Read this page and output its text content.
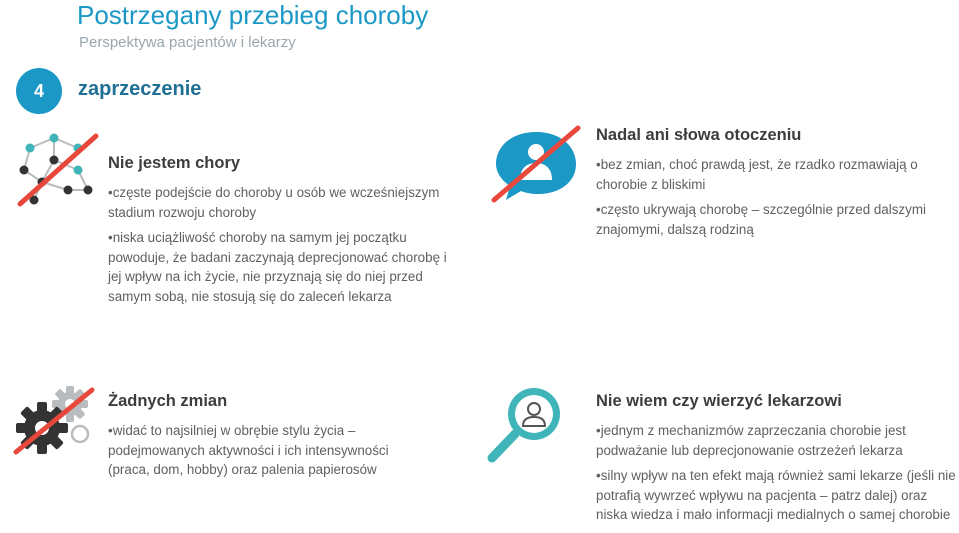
Postrzegany przebieg choroby
Perspektywa pacjentów i lekarzy
4	zaprzeczenie
Nie jestem chory
• częste podejście do choroby u osób we wcześniejszym stadium rozwoju choroby
• niska uciążliwość choroby na samym jej początku powoduje, że badani zaczynają deprecjonować chorobę i jej wpływ na ich życie, nie przyznają się do niej przed samym sobą, nie stosują się do zaleceń lekarza
Nadal ani słowa otoczeniu
• bez zmian, choć prawdą jest, że rzadko rozmawiają o chorobie z bliskimi
• często ukrywają chorobę – szczególnie przed dalszymi znajomymi, dalszą rodziną
Żadnych zmian
• widać to najsilniej w obrębie stylu życia – podejmowanych aktywności i ich intensywności (praca, dom, hobby) oraz palenia papierosów
Nie wiem czy wierzyć lekarzowi
• jednym z mechanizmów zaprzeczania chorobie jest podważanie lub deprecjonowanie ostrzeżeń lekarza
• silny wpływ na ten efekt mają również sami lekarze (jeśli nie potrafią wywrzeć wpływu na pacjenta – patrz dalej) oraz niska wiedza i mało informacji medialnych o samej chorobie
